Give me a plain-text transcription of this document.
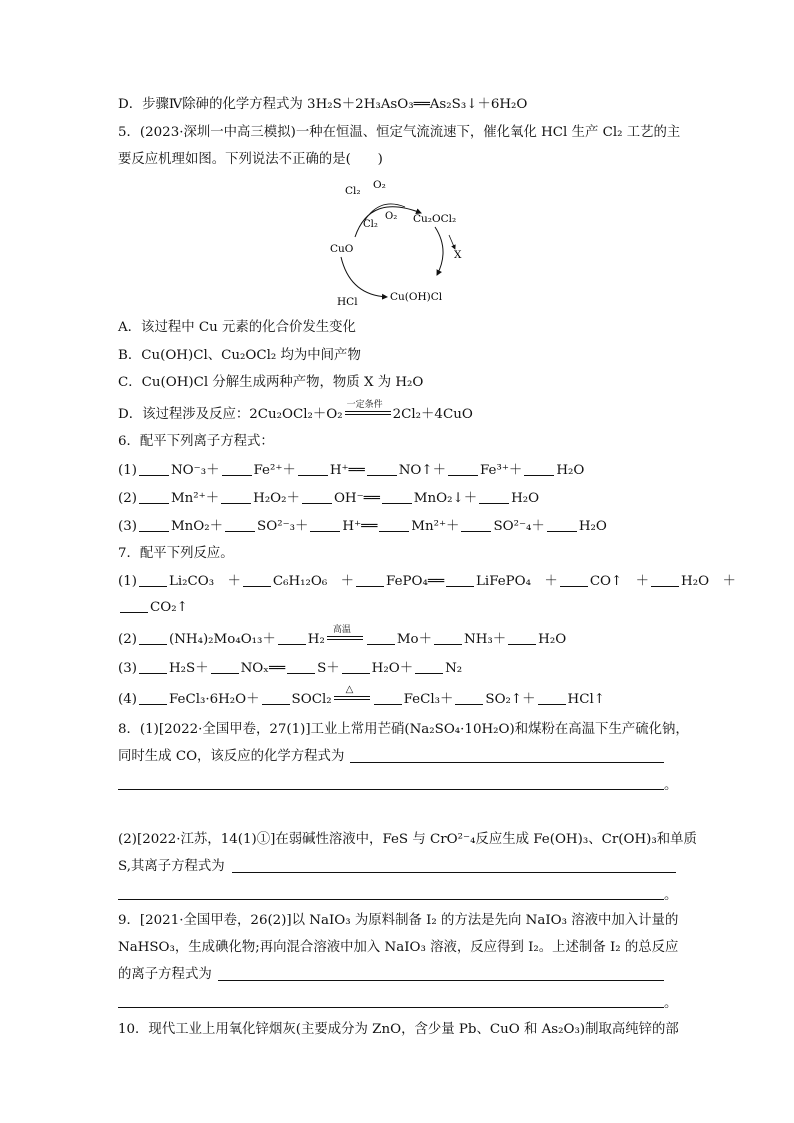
D．步骤Ⅳ除砷的化学方程式为 3H₂S＋2H₃AsO₃══As₂S₃↓＋6H₂O
5．(2023·深圳一中高三模拟)一种在恒温、恒定气流流速下，催化氧化 HCl 生产 Cl₂ 工艺的主
要反应机理如图。下列说法不正确的是(　　)
Cl₂ O₂
Cl₂
O₂ Cu₂OCl₂
CuO	X
HCl	Cu(OH)Cl
A．该过程中 Cu 元素的化合价发生变化
B．Cu(OH)Cl、Cu₂OCl₂ 均为中间产物
C．Cu(OH)Cl 分解生成两种产物，物质 X 为 H₂O
D．该过程涉及反应：2Cu₂OCl₂＋O₂
一定条件
2Cl₂＋4CuO
6．配平下列离子方程式：
(1)	NO⁻₃＋	Fe²⁺＋	H⁺══	NO↑＋	Fe³⁺＋	H₂O
(2)	Mn²⁺＋	H₂O₂＋	OH⁻══	MnO₂↓＋	H₂O
(3)	MnO₂＋	SO²⁻₃＋	H⁺══	Mn²⁺＋	SO²⁻₄＋	H₂O
7．配平下列反应。
(1) Li₂CO₃　＋ C₆H₁₂O₆　＋ FePO₄══ LiFePO₄　＋ CO↑　＋ H₂O　＋
CO₂↑
(2) (NH₄)₂Mo₄O₁₃＋ H₂
高温
Mo＋ NH₃＋ H₂O
(3) H₂S＋ NOₓ══ S＋ H₂O＋ N₂
(4) FeCl₃·6H₂O＋ SOCl₂
△
FeCl₃＋ SO₂↑＋ HCl↑
8．(1)[2022·全国甲卷，27(1)]工业上常用芒硝(Na₂SO₄·10H₂O)和煤粉在高温下生产硫化钠，
同时生成 CO，该反应的化学方程式为
。
(2)[2022·江苏，14(1)①]在弱碱性溶液中，FeS 与 CrO²⁻₄反应生成 Fe(OH)₃、Cr(OH)₃和单质
S,其离子方程式为
。
9．[2021·全国甲卷，26(2)]以 NaIO₃ 为原料制备 I₂ 的方法是先向 NaIO₃ 溶液中加入计量的
NaHSO₃，生成碘化物;再向混合溶液中加入 NaIO₃ 溶液，反应得到 I₂。上述制备 I₂ 的总反应
的离子方程式为
。
10．现代工业上用氧化锌烟灰(主要成分为 ZnO，含少量 Pb、CuO 和 As₂O₃)制取高纯锌的部
